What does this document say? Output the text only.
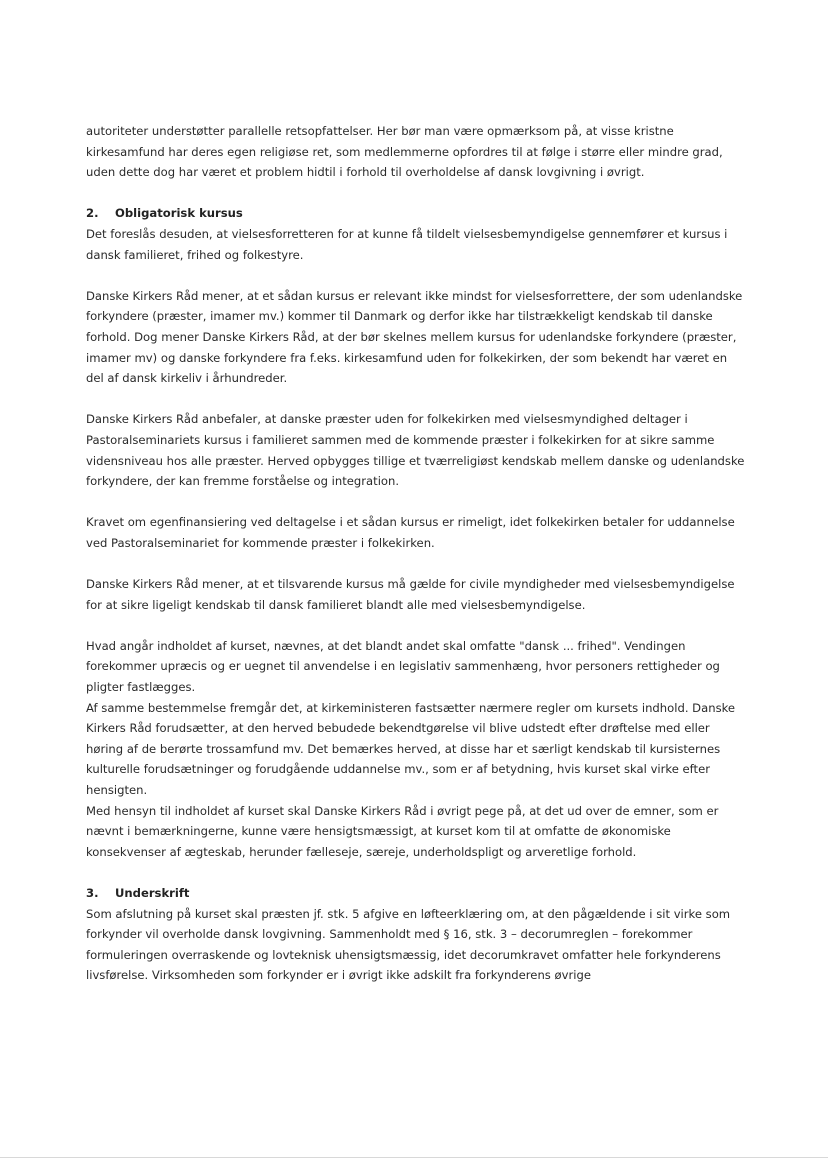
autoriteter understøtter parallelle retsopfattelser. Her bør man være opmærksom på, at visse kristne kirkesamfund har deres egen religiøse ret, som medlemmerne opfordres til at følge i større eller mindre grad, uden dette dog har været et problem hidtil i forhold til overholdelse af dansk lovgivning i øvrigt.

2. Obligatorisk kursus

Det foreslås desuden, at vielsesforretteren for at kunne få tildelt vielsesbemyndigelse gennemfører et kursus i dansk familieret, frihed og folkestyre.

Danske Kirkers Råd mener, at et sådan kursus er relevant ikke mindst for vielsesforrettere, der som udenlandske forkyndere (præster, imamer mv.) kommer til Danmark og derfor ikke har tilstrækkeligt kendskab til danske forhold. Dog mener Danske Kirkers Råd, at der bør skelnes mellem kursus for udenlandske forkyndere (præster, imamer mv) og danske forkyndere fra f.eks. kirkesamfund uden for folkekirken, der som bekendt har været en del af dansk kirkeliv i århundreder.

Danske Kirkers Råd anbefaler, at danske præster uden for folkekirken med vielsesmyndighed deltager i Pastoralseminariets kursus i familieret sammen med de kommende præster i folkekirken for at sikre samme vidensniveau hos alle præster. Herved opbygges tillige et tværreligiøst kendskab mellem danske og udenlandske forkyndere, der kan fremme forståelse og integration.

Kravet om egenfinansiering ved deltagelse i et sådan kursus er rimeligt, idet folkekirken betaler for uddannelse ved Pastoralseminariet for kommende præster i folkekirken.

Danske Kirkers Råd mener, at et tilsvarende kursus må gælde for civile myndigheder med vielsesbemyndigelse for at sikre ligeligt kendskab til dansk familieret blandt alle med vielsesbemyndigelse.

Hvad angår indholdet af kurset, nævnes, at det blandt andet skal omfatte "dansk ... frihed". Vendingen forekommer upræcis og er uegnet til anvendelse i en legislativ sammenhæng, hvor personers rettigheder og pligter fastlægges.

Af samme bestemmelse fremgår det, at kirkeministeren fastsætter nærmere regler om kursets indhold. Danske Kirkers Råd forudsætter, at den herved bebudede bekendtgørelse vil blive udstedt efter drøftelse med eller høring af de berørte trossamfund mv. Det bemærkes herved, at disse har et særligt kendskab til kursisternes kulturelle forudsætninger og forudgående uddannelse mv., som er af betydning, hvis kurset skal virke efter hensigten.

Med hensyn til indholdet af kurset skal Danske Kirkers Råd i øvrigt pege på, at det ud over de emner, som er nævnt i bemærkningerne, kunne være hensigtsmæssigt, at kurset kom til at omfatte de økonomiske konsekvenser af ægteskab, herunder fælleseje, særeje, underholdspligt og arveretlige forhold.

3. Underskrift

Som afslutning på kurset skal præsten jf. stk. 5 afgive en løfteerklæring om, at den pågældende i sit virke som forkynder vil overholde dansk lovgivning. Sammenholdt med § 16, stk. 3 – decorumreglen – forekommer formuleringen overraskende og lovteknisk uhensigtsmæssig, idet decorumkravet omfatter hele forkynderens livsførelse. Virksomheden som forkynder er i øvrigt ikke adskilt fra forkynderens øvrige
